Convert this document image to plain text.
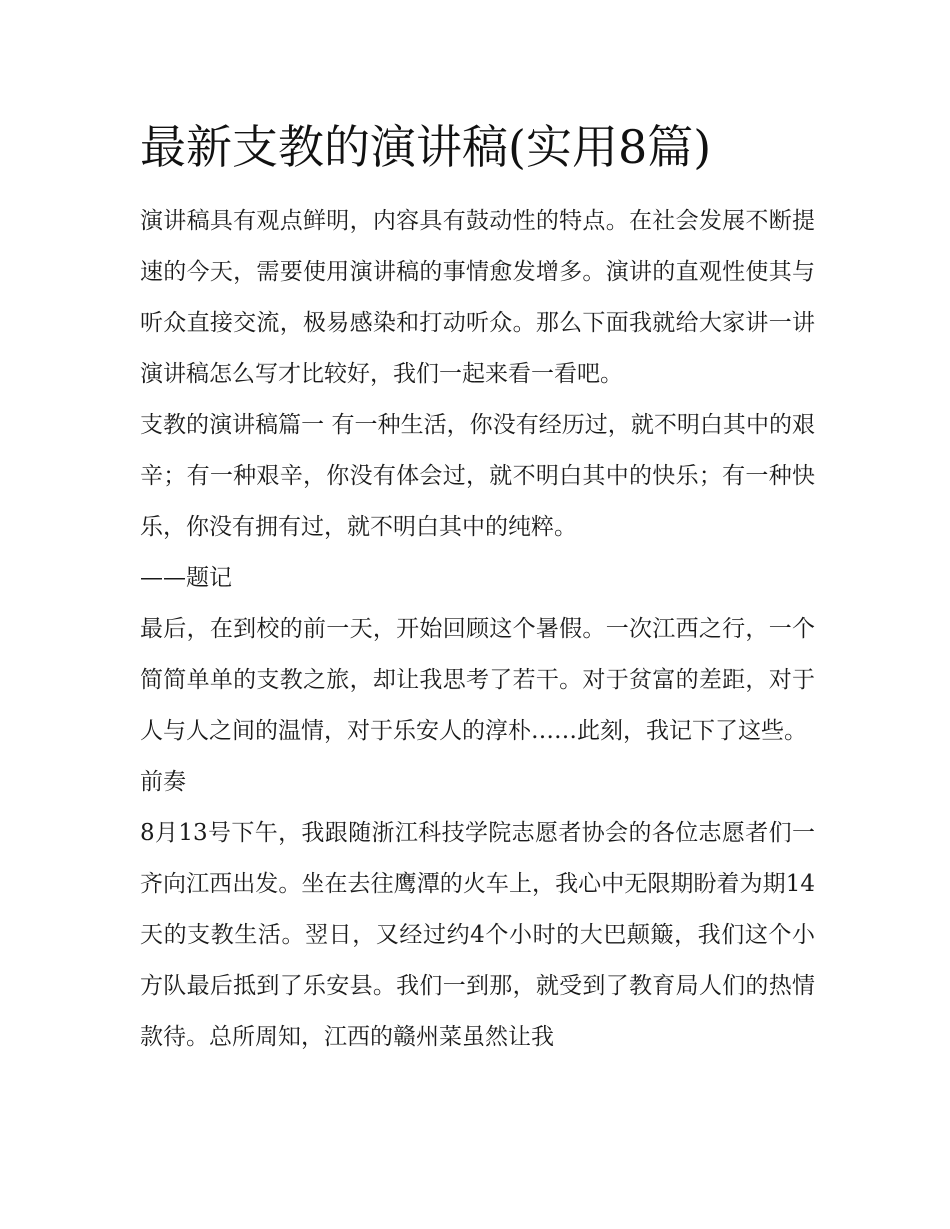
最新支教的演讲稿(实用8篇)

演讲稿具有观点鲜明，内容具有鼓动性的特点。在社会发展不断提速的今天，需要使用演讲稿的事情愈发增多。演讲的直观性使其与听众直接交流，极易感染和打动听众。那么下面我就给大家讲一讲演讲稿怎么写才比较好，我们一起来看一看吧。

支教的演讲稿篇一 有一种生活，你没有经历过，就不明白其中的艰辛；有一种艰辛，你没有体会过，就不明白其中的快乐；有一种快乐，你没有拥有过，就不明白其中的纯粹。

——题记

最后，在到校的前一天，开始回顾这个暑假。一次江西之行，一个简简单单的支教之旅，却让我思考了若干。对于贫富的差距，对于人与人之间的温情，对于乐安人的淳朴……此刻，我记下了这些。

前奏

8月13号下午，我跟随浙江科技学院志愿者协会的各位志愿者们一齐向江西出发。坐在去往鹰潭的火车上，我心中无限期盼着为期14天的支教生活。翌日，又经过约4个小时的大巴颠簸，我们这个小方队最后抵到了乐安县。我们一到那，就受到了教育局人们的热情款待。总所周知，江西的赣州菜虽然让我
